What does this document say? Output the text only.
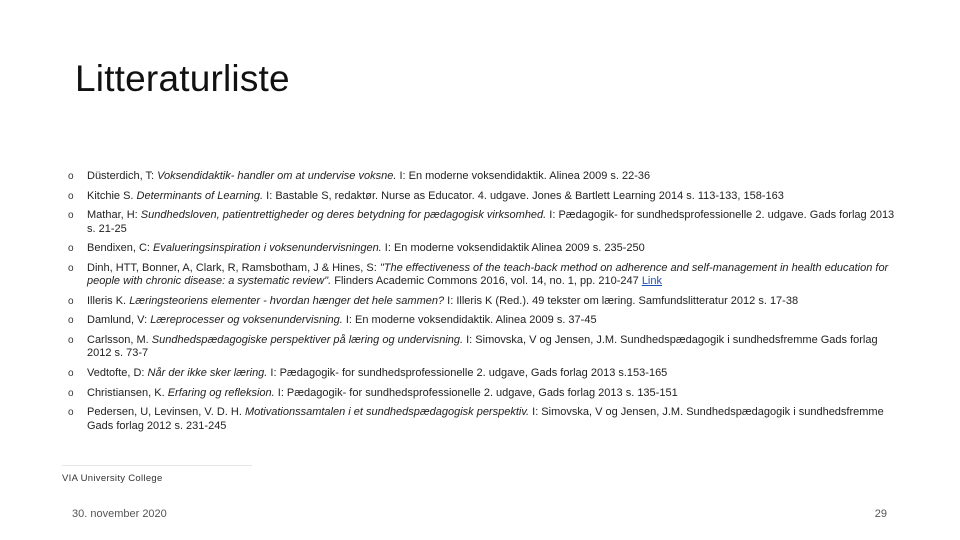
Litteraturliste
o Düsterdich, T: Voksendidaktik- handler om at undervise voksne. I: En moderne voksendidaktik. Alinea 2009 s. 22-36
o Kitchie S. Determinants of Learning. I: Bastable S, redaktør. Nurse as Educator. 4. udgave. Jones & Bartlett Learning 2014 s. 113-133, 158-163
o Mathar, H: Sundhedsloven, patientrettigheder og deres betydning for pædagogisk virksomhed. I: Pædagogik- for sundhedsprofessionelle 2. udgave. Gads forlag 2013 s. 21-25
o Bendixen, C: Evalueringsinspiration i voksenundervisningen. I: En moderne voksendidaktik Alinea 2009 s. 235-250
o Dinh, HTT, Bonner, A, Clark, R, Ramsbotham, J & Hines, S: "The effectiveness of the teach-back method on adherence and self-management in health education for people with chronic disease: a systematic review". Flinders Academic Commons 2016, vol. 14, no. 1, pp. 210-247 Link
o Illeris K. Læringsteoriens elementer - hvordan hænger det hele sammen? I: Illeris K (Red.). 49 tekster om læring. Samfundslitteratur 2012 s. 17-38
o Damlund, V: Læreprocesser og voksenundervisning. I: En moderne voksendidaktik. Alinea 2009 s. 37-45
o Carlsson, M. Sundhedspædagogiske perspektiver på læring og undervisning. I: Simovska, V og Jensen, J.M. Sundhedspædagogik i sundhedsfremme Gads forlag 2012 s. 73-7
o Vedtofte, D: Når der ikke sker læring. I: Pædagogik- for sundhedsprofessionelle 2. udgave, Gads forlag 2013 s.153-165
o Christiansen, K. Erfaring og refleksion. I: Pædagogik- for sundhedsprofessionelle 2. udgave, Gads forlag 2013 s. 135-151
o Pedersen, U, Levinsen, V. D. H. Motivationssamtalen i et sundhedspædagogisk perspektiv. I: Simovska, V og Jensen, J.M. Sundhedspædagogik i sundhedsfremme Gads forlag 2012 s. 231-245
VIA University College
30. november 2020	29
